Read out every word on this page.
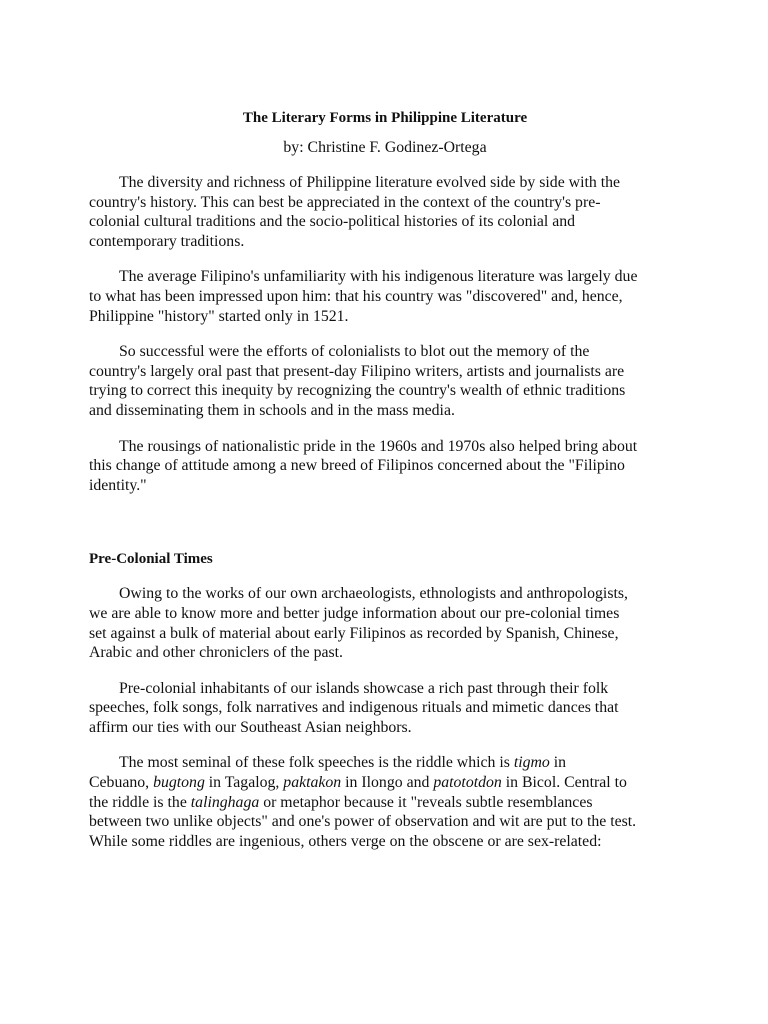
The Literary Forms in Philippine Literature

by: Christine F. Godinez-Ortega

The diversity and richness of Philippine literature evolved side by side with the
country's history. This can best be appreciated in the context of the country's pre-
colonial cultural traditions and the socio-political histories of its colonial and
contemporary traditions.

The average Filipino's unfamiliarity with his indigenous literature was largely due
to what has been impressed upon him: that his country was "discovered" and, hence,
Philippine "history" started only in 1521.

So successful were the efforts of colonialists to blot out the memory of the
country's largely oral past that present-day Filipino writers, artists and journalists are
trying to correct this inequity by recognizing the country's wealth of ethnic traditions
and disseminating them in schools and in the mass media.

The rousings of nationalistic pride in the 1960s and 1970s also helped bring about
this change of attitude among a new breed of Filipinos concerned about the "Filipino
identity."

Pre-Colonial Times

Owing to the works of our own archaeologists, ethnologists and anthropologists,
we are able to know more and better judge information about our pre-colonial times
set against a bulk of material about early Filipinos as recorded by Spanish, Chinese,
Arabic and other chroniclers of the past.

Pre-colonial inhabitants of our islands showcase a rich past through their folk
speeches, folk songs, folk narratives and indigenous rituals and mimetic dances that
affirm our ties with our Southeast Asian neighbors.

The most seminal of these folk speeches is the riddle which is tigmo in
Cebuano, bugtong in Tagalog, paktakon in Ilongo and patototdon in Bicol. Central to
the riddle is the talinghaga or metaphor because it "reveals subtle resemblances
between two unlike objects" and one's power of observation and wit are put to the test.
While some riddles are ingenious, others verge on the obscene or are sex-related:
